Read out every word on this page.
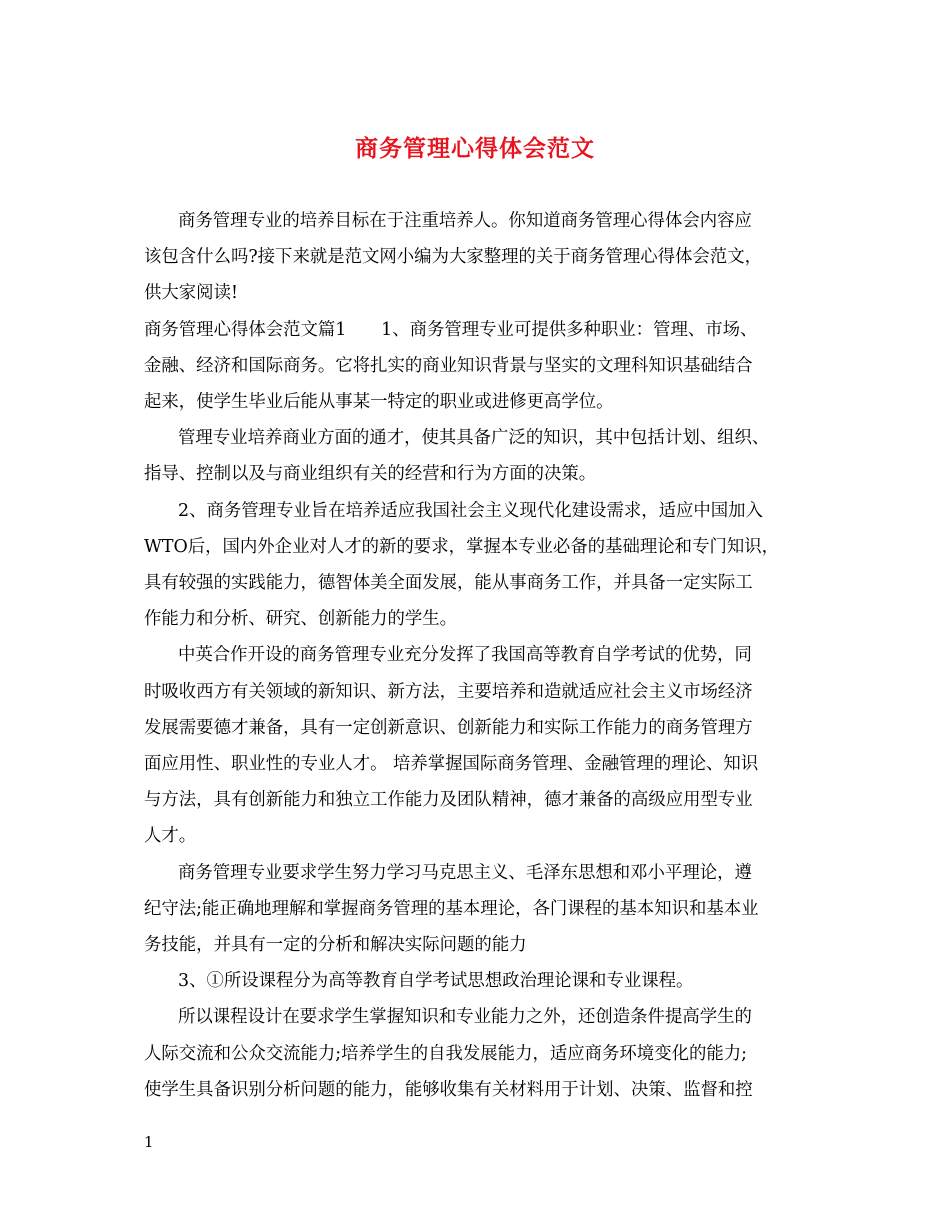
商务管理心得体会范文

商务管理专业的培养目标在于注重培养人。你知道商务管理心得体会内容应

该包含什么吗?接下来就是范文网小编为大家整理的关于商务管理心得体会范文，

供大家阅读!

商务管理心得体会范文篇1　　1、商务管理专业可提供多种职业：管理、市场、

金融、经济和国际商务。它将扎实的商业知识背景与坚实的文理科知识基础结合

起来，使学生毕业后能从事某一特定的职业或进修更高学位。

管理专业培养商业方面的通才，使其具备广泛的知识，其中包括计划、组织、

指导、控制以及与商业组织有关的经营和行为方面的决策。

2、商务管理专业旨在培养适应我国社会主义现代化建设需求，适应中国加入

WTO后，国内外企业对人才的新的要求，掌握本专业必备的基础理论和专门知识，

具有较强的实践能力，德智体美全面发展，能从事商务工作，并具备一定实际工

作能力和分析、研究、创新能力的学生。

中英合作开设的商务管理专业充分发挥了我国高等教育自学考试的优势，同

时吸收西方有关领域的新知识、新方法，主要培养和造就适应社会主义市场经济

发展需要德才兼备，具有一定创新意识、创新能力和实际工作能力的商务管理方

面应用性、职业性的专业人才。 培养掌握国际商务管理、金融管理的理论、知识

与方法，具有创新能力和独立工作能力及团队精神，德才兼备的高级应用型专业

人才。

商务管理专业要求学生努力学习马克思主义、毛泽东思想和邓小平理论，遵

纪守法;能正确地理解和掌握商务管理的基本理论，各门课程的基本知识和基本业

务技能，并具有一定的分析和解决实际问题的能力

3、①所设课程分为高等教育自学考试思想政治理论课和专业课程。

所以课程设计在要求学生掌握知识和专业能力之外，还创造条件提高学生的

人际交流和公众交流能力;培养学生的自我发展能力，适应商务环境变化的能力;

使学生具备识别分析问题的能力，能够收集有关材料用于计划、决策、监督和控

1
